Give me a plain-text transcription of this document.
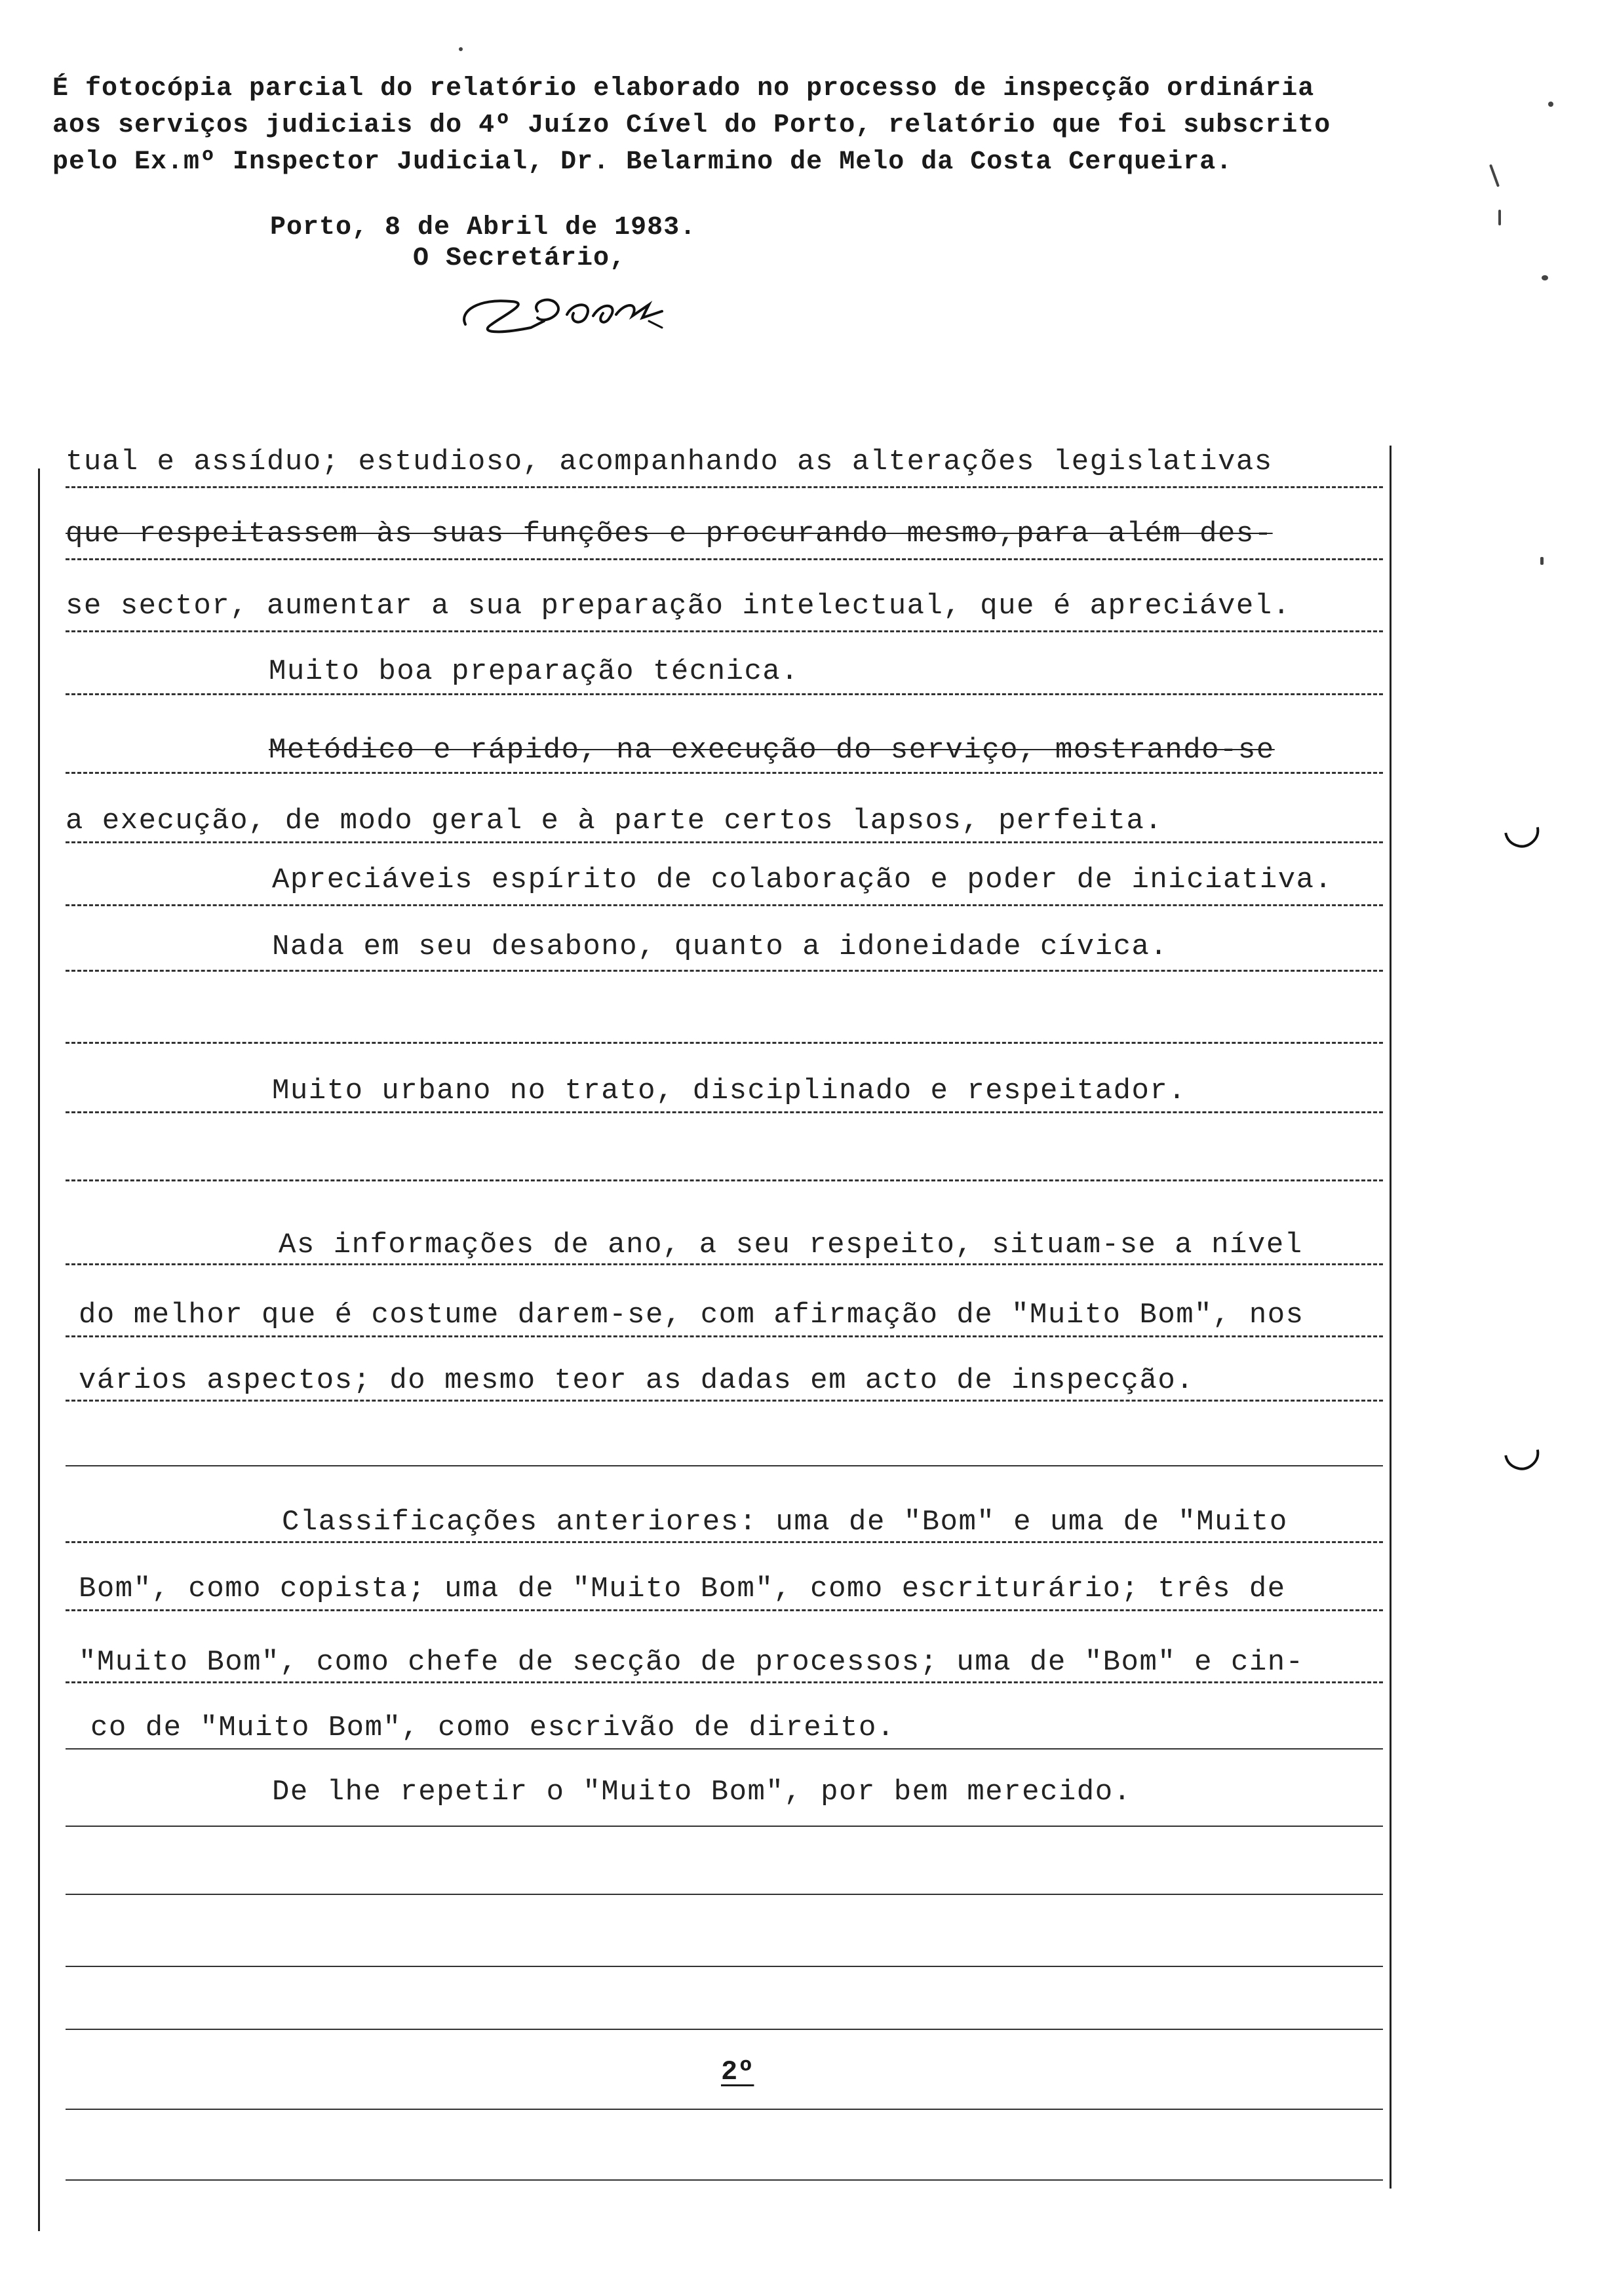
É fotocópia parcial do relatório elaborado no processo de inspecção ordinária
aos serviços judiciais do 4º Juízo Cível do Porto, relatório que foi subscrito
pelo Ex.mº Inspector Judicial, Dr. Belarmino de Melo da Costa Cerqueira.
Porto, 8 de Abril de 1983.
O Secretário,
tual e assíduo; estudioso, acompanhando as alterações legislativas
que respeitassem às suas funções e procurando mesmo,para além des-
se sector, aumentar a sua preparação intelectual, que é apreciável.
Muito boa preparação técnica.
Metódico e rápido, na execução do serviço, mostrando-se
a execução, de modo geral e à parte certos lapsos, perfeita.
Apreciáveis espírito de colaboração e poder de iniciativa.
Nada em seu desabono, quanto a idoneidade cívica.
Muito urbano no trato, disciplinado e respeitador.
As informações de ano, a seu respeito, situam-se a nível
do melhor que é costume darem-se, com afirmação de "Muito Bom", nos
vários aspectos; do mesmo teor as dadas em acto de inspecção.
Classificações anteriores: uma de "Bom" e uma de "Muito
Bom", como copista; uma de "Muito Bom", como escriturário; três de
"Muito Bom", como chefe de secção de processos; uma de "Bom" e cin-
co de "Muito Bom", como escrivão de direito.
De lhe repetir o "Muito Bom", por bem merecido.
2º
◡
◡
